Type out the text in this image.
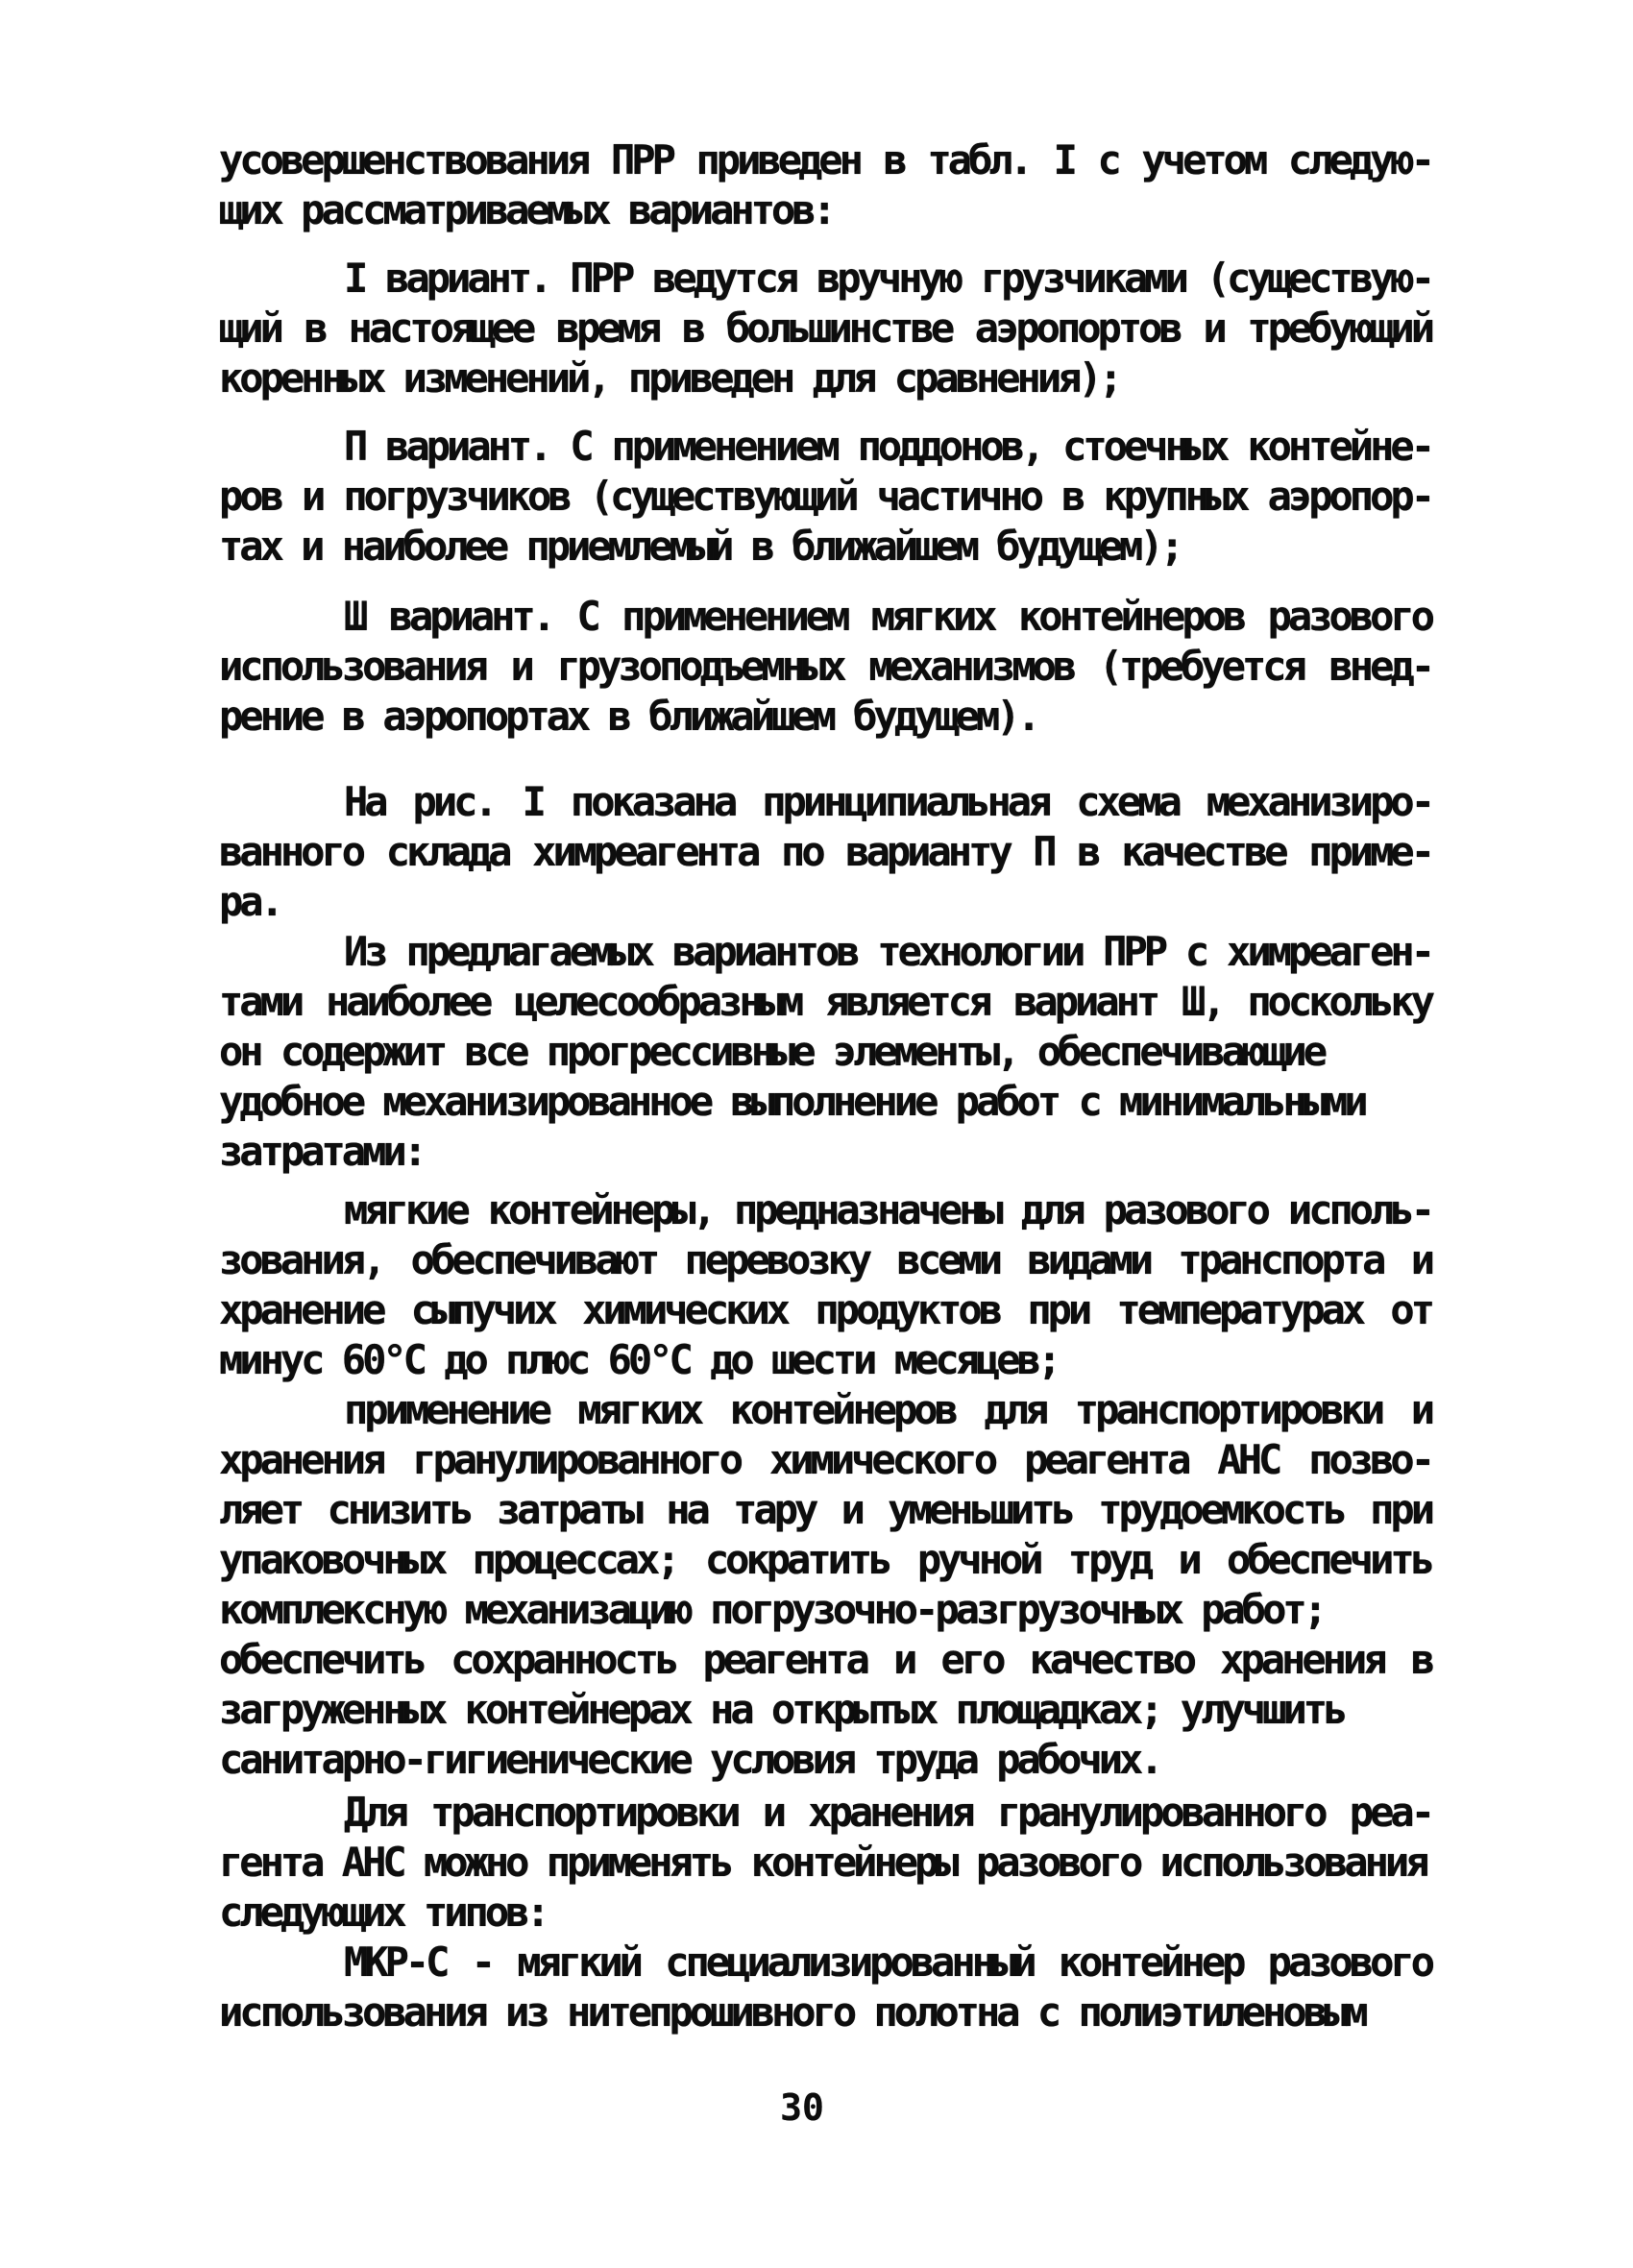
усовершенствования ПРР приведен в табл. I с учетом следую-
щих рассматриваемых вариантов:
I вариант. ПРР ведутся вручную грузчиками (существую-
щий в настоящее время в большинстве аэропортов и требующий
коренных изменений, приведен для сравнения);
П вариант. С применением поддонов, стоечных контейне-
ров и погрузчиков (существующий частично в крупных аэропор-
тах и наиболее приемлемый в ближайшем будущем);
Ш вариант. С применением мягких контейнеров разового
использования и грузоподъемных механизмов (требуется внед-
рение в аэропортах в ближайшем будущем).
На рис. I показана принципиальная схема механизиро-
ванного склада химреагента по варианту П в качестве приме-
ра.
Из предлагаемых вариантов технологии ПРР с химреаген-
тами наиболее целесообразным является вариант Ш, поскольку
он содержит все прогрессивные элементы, обеспечивающие
удобное механизированное выполнение работ с минимальными
затратами:
мягкие контейнеры, предназначены для разового исполь-
зования, обеспечивают перевозку всеми видами транспорта и
хранение сыпучих химических продуктов при температурах от
минус 60°С до плюс 60°С до шести месяцев;
применение мягких контейнеров для транспортировки и
хранения гранулированного химического реагента АНС позво-
ляет снизить затраты на тару и уменьшить трудоемкость при
упаковочных процессах; сократить ручной труд и обеспечить
комплексную механизацию погрузочно-разгрузочных работ;
обеспечить сохранность реагента и его качество хранения в
загруженных контейнерах на открытых площадках; улучшить
санитарно-гигиенические условия труда рабочих.
Для транспортировки и хранения гранулированного реа-
гента АНС можно применять контейнеры разового использования
следующих типов:
МКР-С - мягкий специализированный контейнер разового
использования из нитепрошивного полотна с полиэтиленовым
30
